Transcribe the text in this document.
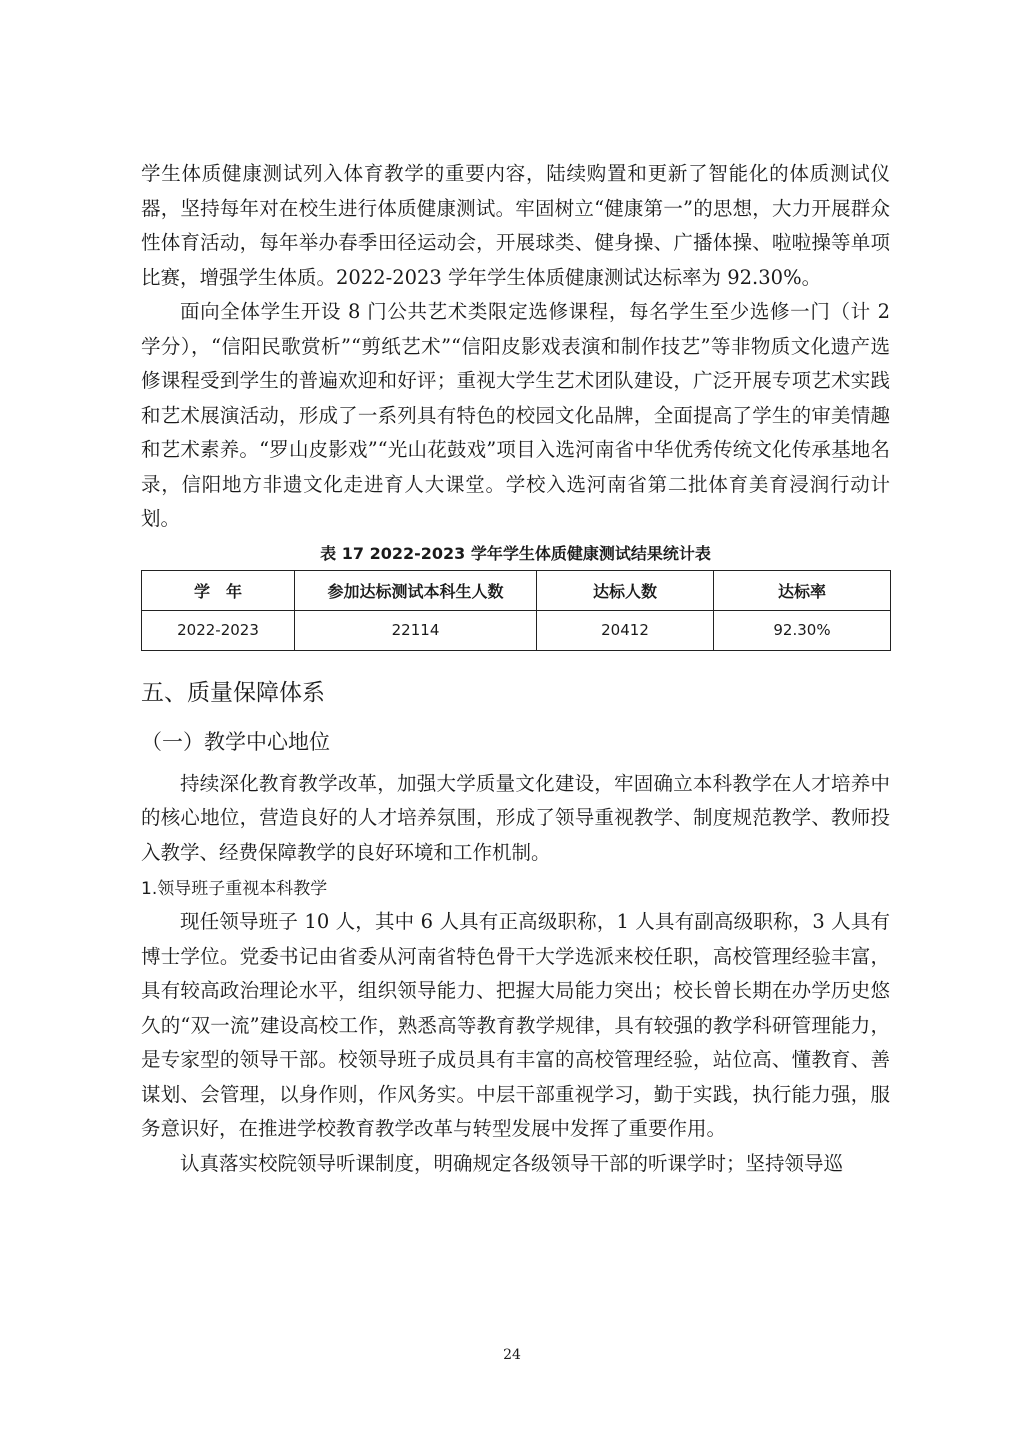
学生体质健康测试列入体育教学的重要内容，陆续购置和更新了智能化的体质测试仪器，坚持每年对在校生进行体质健康测试。牢固树立“健康第一”的思想，大力开展群众性体育活动，每年举办春季田径运动会，开展球类、健身操、广播体操、啦啦操等单项比赛，增强学生体质。2022-2023 学年学生体质健康测试达标率为 92.30%。

面向全体学生开设 8 门公共艺术类限定选修课程，每名学生至少选修一门（计 2 学分），“信阳民歌赏析”“剪纸艺术”“信阳皮影戏表演和制作技艺”等非物质文化遗产选修课程受到学生的普遍欢迎和好评；重视大学生艺术团队建设，广泛开展专项艺术实践和艺术展演活动，形成了一系列具有特色的校园文化品牌，全面提高了学生的审美情趣和艺术素养。“罗山皮影戏”“光山花鼓戏”项目入选河南省中华优秀传统文化传承基地名录，信阳地方非遗文化走进育人大课堂。学校入选河南省第二批体育美育浸润行动计划。

表 17 2022-2023 学年学生体质健康测试结果统计表
学　年	参加达标测试本科生人数	达标人数	达标率
2022-2023	22114	20412	92.30%
五、质量保障体系
（一）教学中心地位

持续深化教育教学改革，加强大学质量文化建设，牢固确立本科教学在人才培养中的核心地位，营造良好的人才培养氛围，形成了领导重视教学、制度规范教学、教师投入教学、经费保障教学的良好环境和工作机制。

1.领导班子重视本科教学

现任领导班子 10 人，其中 6 人具有正高级职称，1 人具有副高级职称，3 人具有博士学位。党委书记由省委从河南省特色骨干大学选派来校任职，高校管理经验丰富，具有较高政治理论水平，组织领导能力、把握大局能力突出；校长曾长期在办学历史悠久的“双一流”建设高校工作，熟悉高等教育教学规律，具有较强的教学科研管理能力，是专家型的领导干部。校领导班子成员具有丰富的高校管理经验，站位高、懂教育、善谋划、会管理，以身作则，作风务实。中层干部重视学习，勤于实践，执行能力强，服务意识好，在推进学校教育教学改革与转型发展中发挥了重要作用。

认真落实校院领导听课制度，明确规定各级领导干部的听课学时；坚持领导巡

24
